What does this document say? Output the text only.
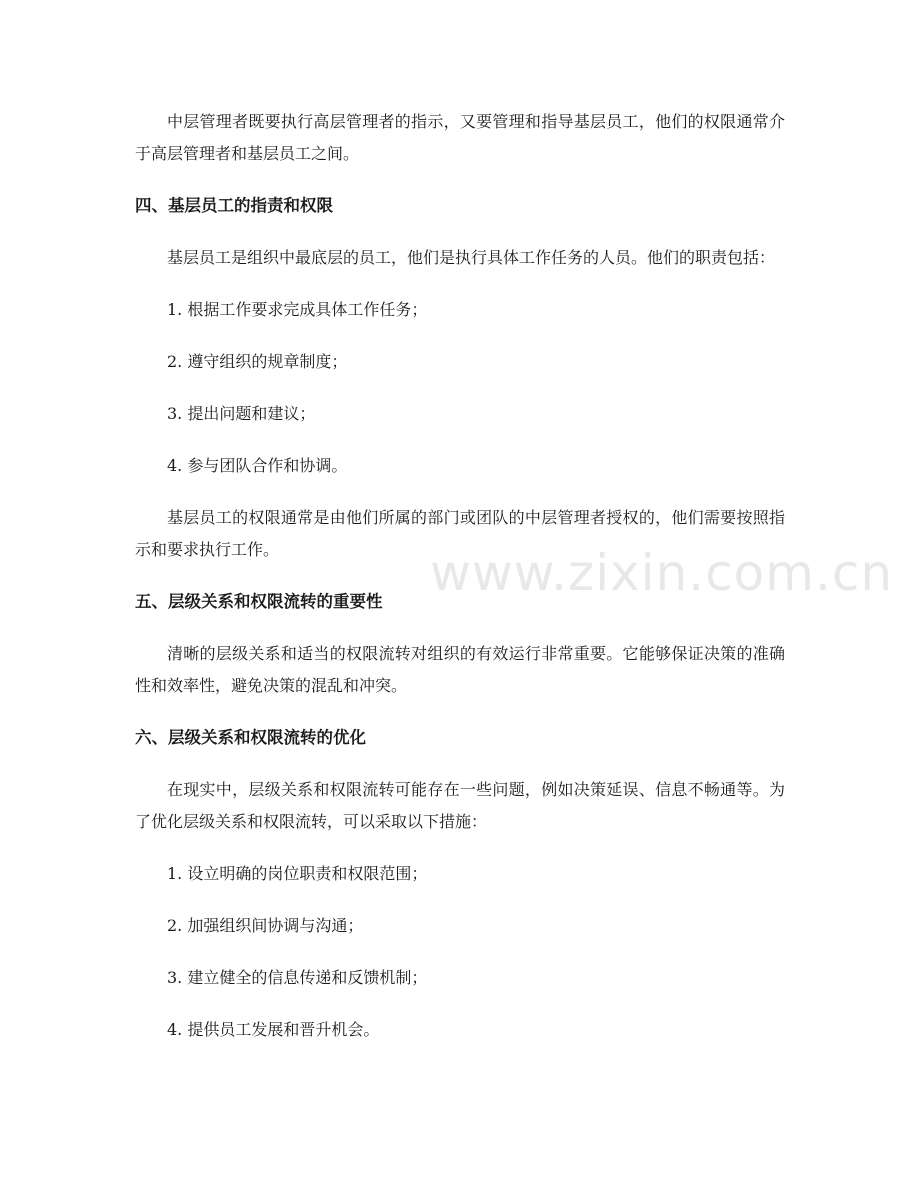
中层管理者既要执行高层管理者的指示，又要管理和指导基层员工，他们的权限通常介于高层管理者和基层员工之间。

四、基层员工的指责和权限

基层员工是组织中最底层的员工，他们是执行具体工作任务的人员。他们的职责包括：

1. 根据工作要求完成具体工作任务；

2. 遵守组织的规章制度；

3. 提出问题和建议；

4. 参与团队合作和协调。

基层员工的权限通常是由他们所属的部门或团队的中层管理者授权的，他们需要按照指示和要求执行工作。

五、层级关系和权限流转的重要性

清晰的层级关系和适当的权限流转对组织的有效运行非常重要。它能够保证决策的准确性和效率性，避免决策的混乱和冲突。

六、层级关系和权限流转的优化

在现实中，层级关系和权限流转可能存在一些问题，例如决策延误、信息不畅通等。为了优化层级关系和权限流转，可以采取以下措施：

1. 设立明确的岗位职责和权限范围；

2. 加强组织间协调与沟通；

3. 建立健全的信息传递和反馈机制；

4. 提供员工发展和晋升机会。

www.zixin.com.cn
